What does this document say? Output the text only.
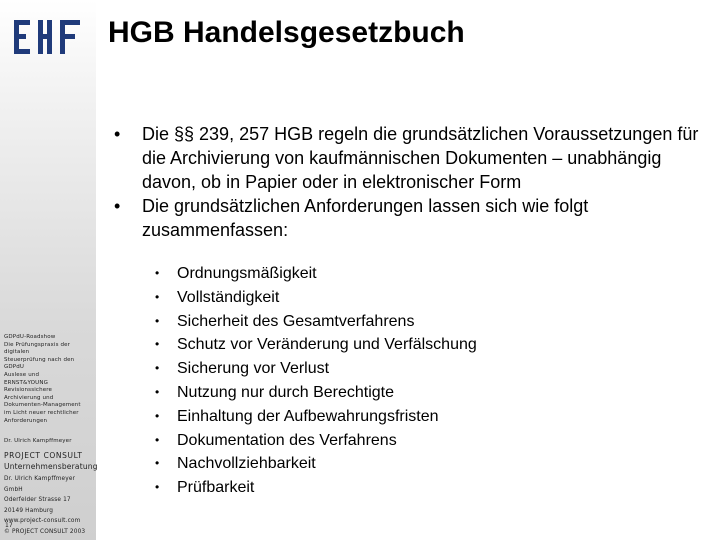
GDPdU-Roadshow
Die Prüfungspraxis der digitalen
Steuerprüfung nach den
GDPdU
Auslese und
ERNST&YOUNG
Revisionssichere
Archivierung und
Dokumenten-Management
im Licht neuer rechtlicher
Anforderungen
Dr. Ulrich Kampffmeyer
PROJECT CONSULT
Unternehmensberatung
Dr. Ulrich Kampffmeyer GmbH
Oderfelder Strasse 17
20149 Hamburg
www.project-consult.com
© PROJECT CONSULT 2003
17
HGB Handelsgesetzbuch
• Die §§ 239, 257 HGB regeln die grundsätzlichen Voraussetzungen für die Archivierung von kaufmännischen Dokumenten – unabhängig davon, ob in Papier oder in elektronischer Form
• Die grundsätzlichen Anforderungen lassen sich wie folgt zusammenfassen:
• Ordnungsmäßigkeit
• Vollständigkeit
• Sicherheit des Gesamtverfahrens
• Schutz vor Veränderung und Verfälschung
• Sicherung vor Verlust
• Nutzung nur durch Berechtigte
• Einhaltung der Aufbewahrungsfristen
• Dokumentation des Verfahrens
• Nachvollziehbarkeit
• Prüfbarkeit
